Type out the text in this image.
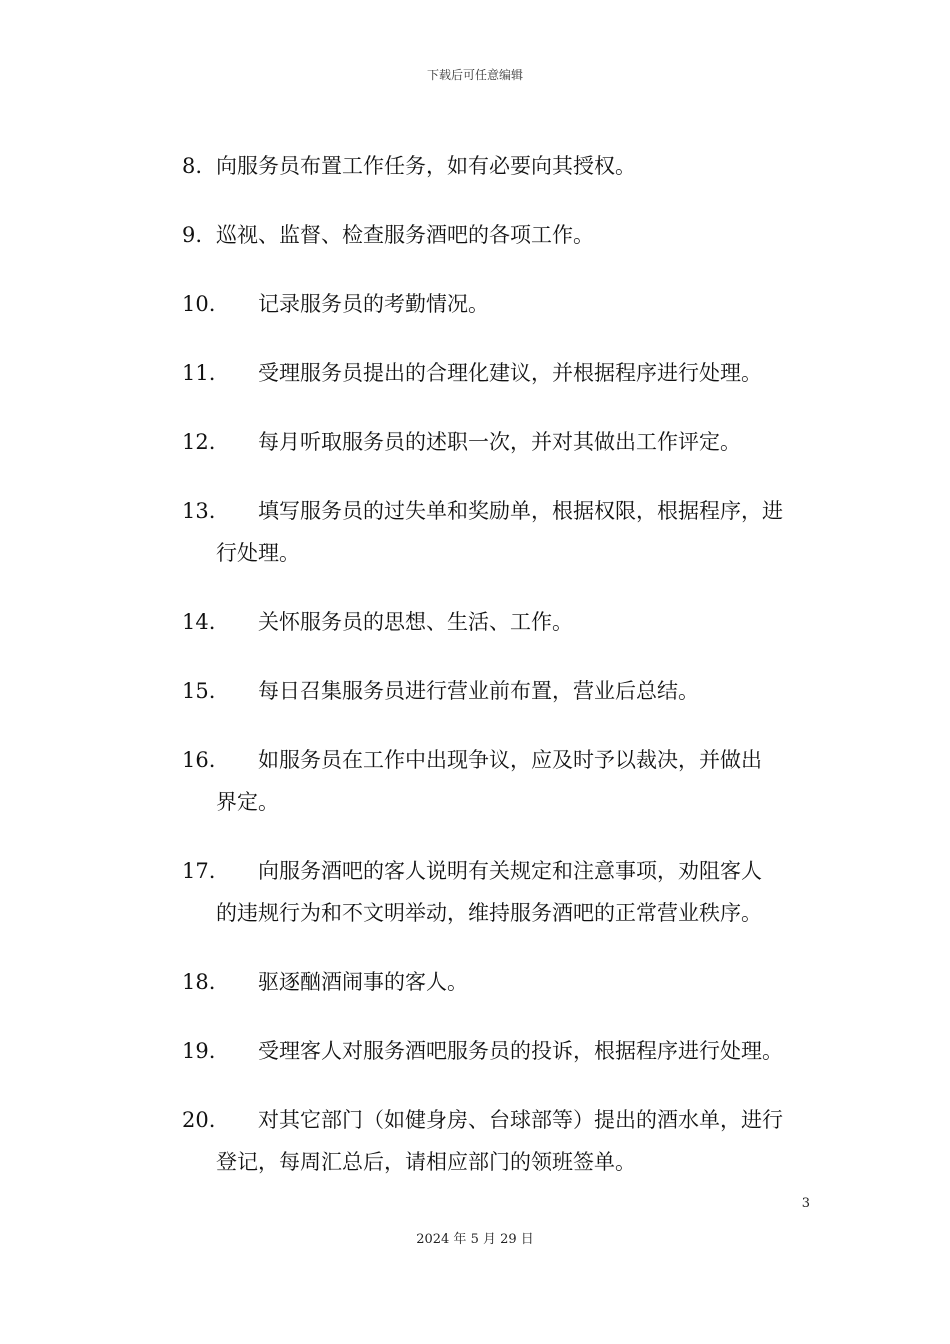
下载后可任意编辑
8. 向服务员布置工作任务，如有必要向其授权。
9. 巡视、监督、检查服务酒吧的各项工作。
10.	记录服务员的考勤情况。
11.	受理服务员提出的合理化建议，并根据程序进行处理。
12.	每月听取服务员的述职一次，并对其做出工作评定。
13.	填写服务员的过失单和奖励单，根据权限，根据程序，进
行处理。
14.	关怀服务员的思想、生活、工作。
15.	每日召集服务员进行营业前布置，营业后总结。
16.	如服务员在工作中出现争议，应及时予以裁决，并做出
界定。
17.	向服务酒吧的客人说明有关规定和注意事项，劝阻客人
的违规行为和不文明举动，维持服务酒吧的正常营业秩序。
18.	驱逐酗酒闹事的客人。
19.	受理客人对服务酒吧服务员的投诉，根据程序进行处理。
20.	对其它部门（如健身房、台球部等）提出的酒水单，进行
登记，每周汇总后，请相应部门的领班签单。
3
2024 年 5 月 29 日
